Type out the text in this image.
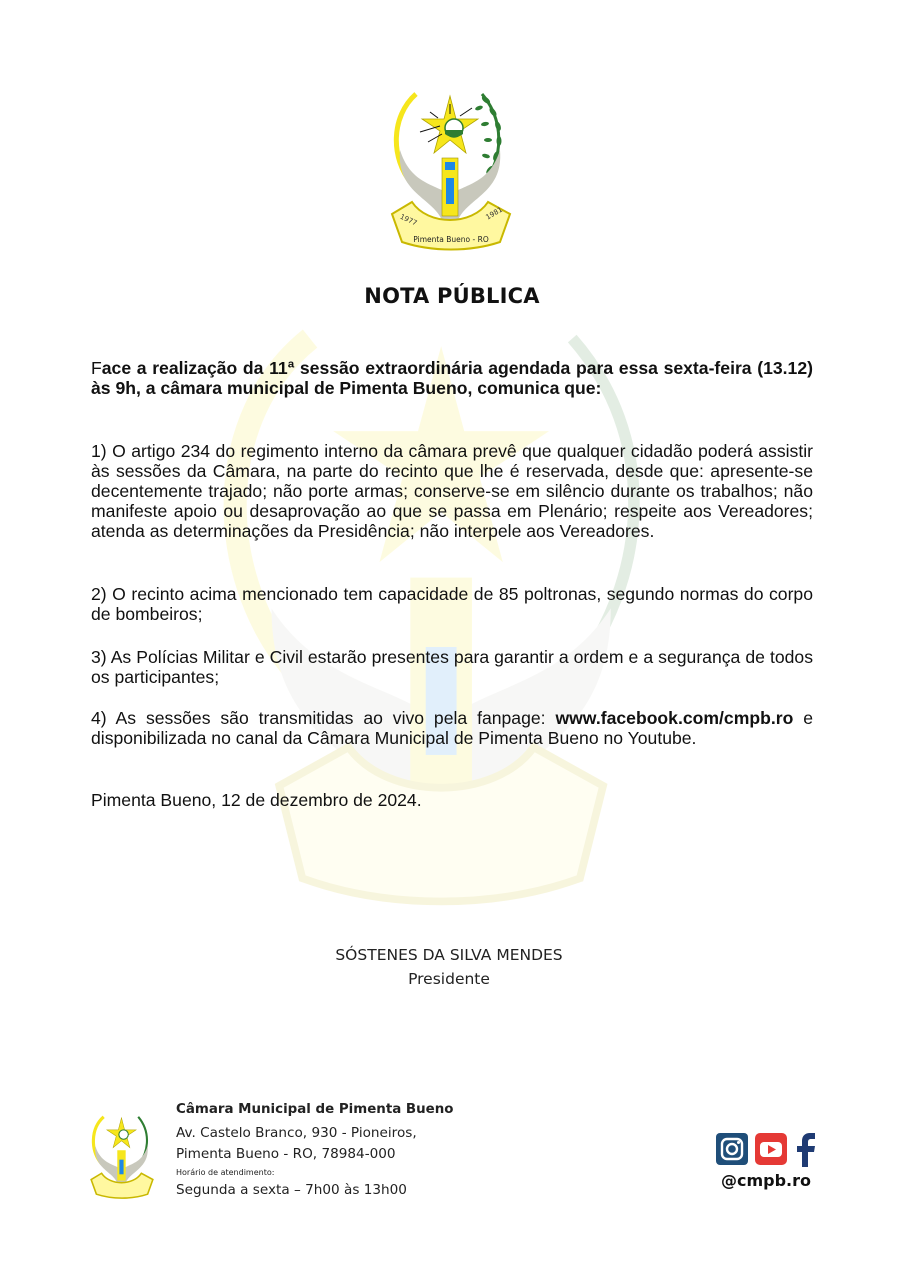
1977	1981
Pimenta Bueno - RO
NOTA PÚBLICA
Face a realização da 11ª sessão extraordinária agendada para essa sexta-feira (13.12) às 9h, a câmara municipal de Pimenta Bueno, comunica que:
1) O artigo 234 do regimento interno da câmara prevê que qualquer cidadão poderá assistir às sessões da Câmara, na parte do recinto que lhe é reservada, desde que: apresente-se decentemente trajado; não porte armas; conserve-se em silêncio durante os trabalhos; não manifeste apoio ou desaprovação ao que se passa em Plenário; respeite aos Vereadores; atenda as determinações da Presidência; não interpele aos Vereadores.
2) O recinto acima mencionado tem capacidade de 85 poltronas, segundo normas do corpo de bombeiros;
3) As Polícias Militar e Civil estarão presentes para garantir a ordem e a segurança de todos os participantes;
4) As sessões são transmitidas ao vivo pela fanpage: www.facebook.com/cmpb.ro e disponibilizada no canal da Câmara Municipal de Pimenta Bueno no Youtube.
Pimenta Bueno, 12 de dezembro de 2024.
SÓSTENES DA SILVA MENDES
Presidente
Câmara Municipal de Pimenta Bueno
Av. Castelo Branco, 930 - Pioneiros,
Pimenta Bueno - RO, 78984-000
Horário de atendimento:
Segunda a sexta – 7h00 às 13h00	@cmpb.ro
